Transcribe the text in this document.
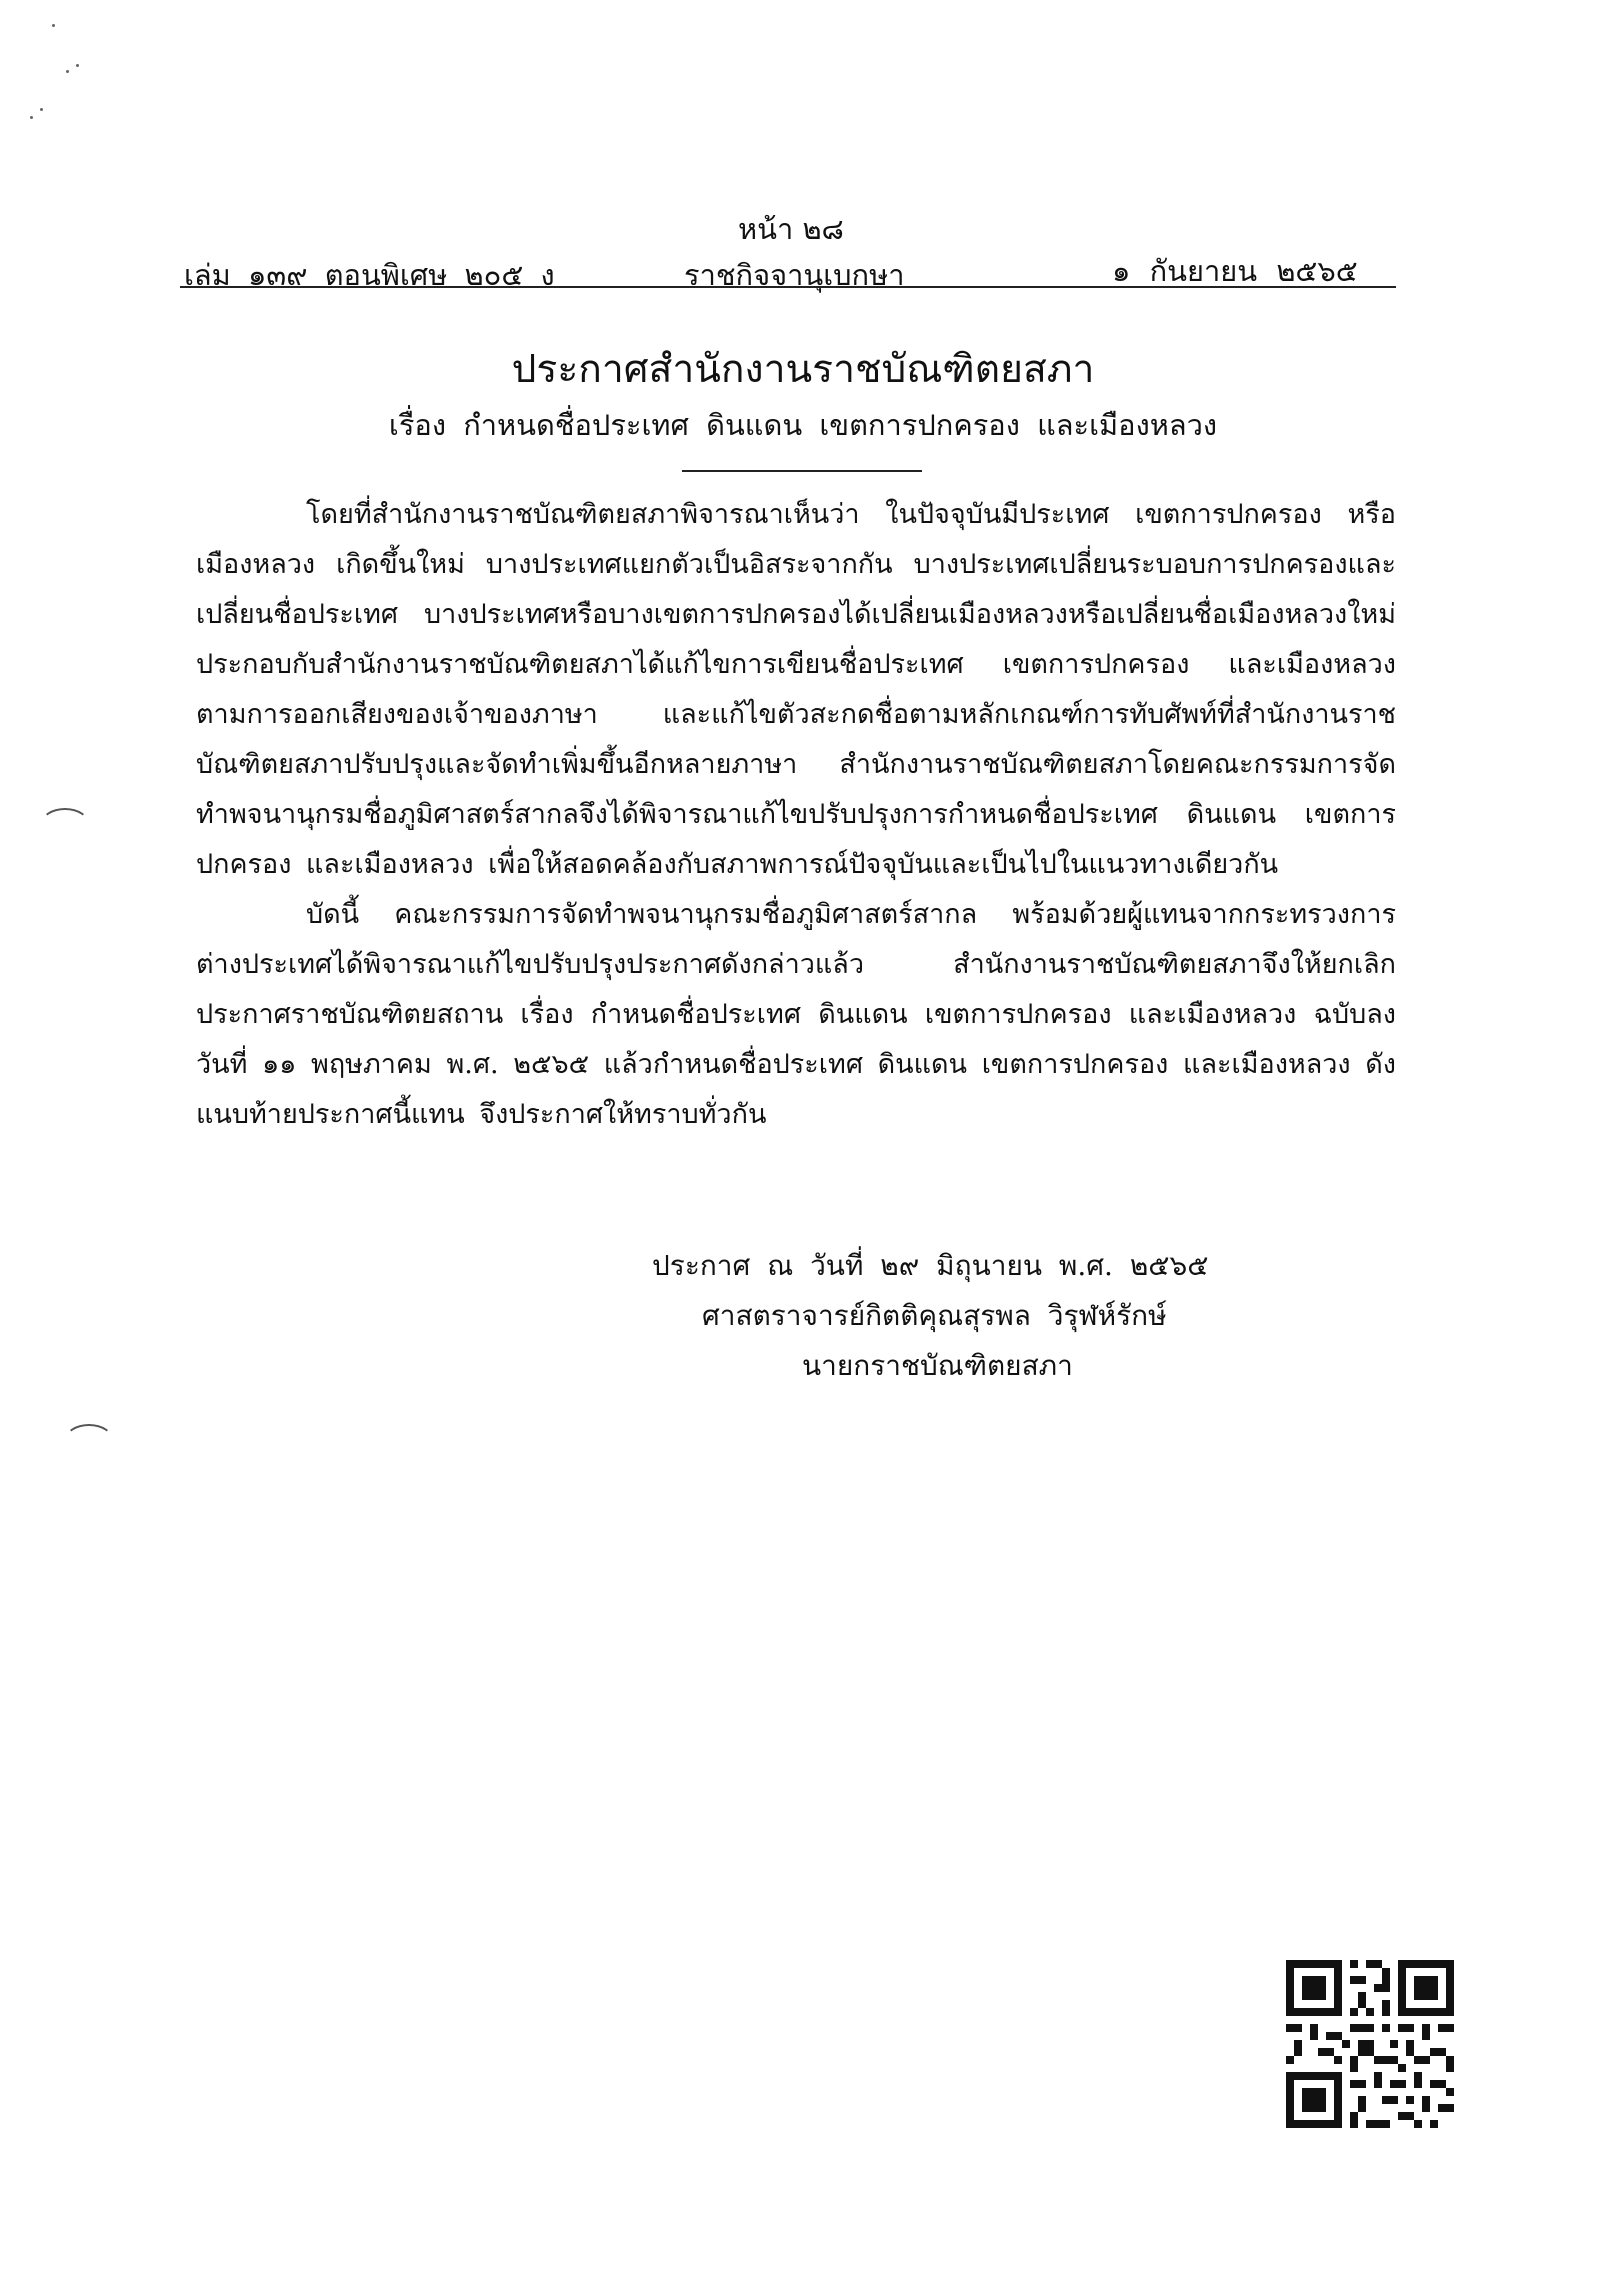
หน้า ๒๘
เล่ม ๑๓๙ ตอนพิเศษ ๒๐๕ ง	ราชกิจจานุเบกษา	๑ กันยายน ๒๕๖๕
ประกาศสำนักงานราชบัณฑิตยสภา
เรื่อง กำหนดชื่อประเทศ ดินแดน เขตการปกครอง และเมืองหลวง

โดยที่สำนักงานราชบัณฑิตยสภาพิจารณาเห็นว่า ในปัจจุบันมีประเทศ เขตการปกครอง หรือเมืองหลวง เกิดขึ้นใหม่ บางประเทศแยกตัวเป็นอิสระจากกัน บางประเทศเปลี่ยนระบอบการปกครองและเปลี่ยนชื่อประเทศ บางประเทศหรือบางเขตการปกครองได้เปลี่ยนเมืองหลวงหรือเปลี่ยนชื่อเมืองหลวงใหม่ ประกอบกับสำนักงานราชบัณฑิตยสภาได้แก้ไขการเขียนชื่อประเทศ เขตการปกครอง และเมืองหลวง ตามการออกเสียงของเจ้าของภาษา และแก้ไขตัวสะกดชื่อตามหลักเกณฑ์การทับศัพท์ที่สำนักงานราชบัณฑิตยสภาปรับปรุงและจัดทำเพิ่มขึ้นอีกหลายภาษา สำนักงานราชบัณฑิตยสภาโดยคณะกรรมการจัดทำพจนานุกรมชื่อภูมิศาสตร์สากลจึงได้พิจารณาแก้ไขปรับปรุงการกำหนดชื่อประเทศ ดินแดน เขตการปกครอง และเมืองหลวง เพื่อให้สอดคล้องกับสภาพการณ์ปัจจุบันและเป็นไปในแนวทางเดียวกัน

บัดนี้ คณะกรรมการจัดทำพจนานุกรมชื่อภูมิศาสตร์สากล พร้อมด้วยผู้แทนจากกระทรวงการต่างประเทศได้พิจารณาแก้ไขปรับปรุงประกาศดังกล่าวแล้ว สำนักงานราชบัณฑิตยสภาจึงให้ยกเลิกประกาศราชบัณฑิตยสถาน เรื่อง กำหนดชื่อประเทศ ดินแดน เขตการปกครอง และเมืองหลวง ฉบับลงวันที่ ๑๑ พฤษภาคม พ.ศ. ๒๕๖๕ แล้วกำหนดชื่อประเทศ ดินแดน เขตการปกครอง และเมืองหลวง ดังแนบท้ายประกาศนี้แทน จึงประกาศให้ทราบทั่วกัน

ประกาศ ณ วันที่ ๒๙ มิถุนายน พ.ศ. ๒๕๖๕
ศาสตราจารย์กิตติคุณสุรพล วิรุฬห์รักษ์
นายกราชบัณฑิตยสภา
